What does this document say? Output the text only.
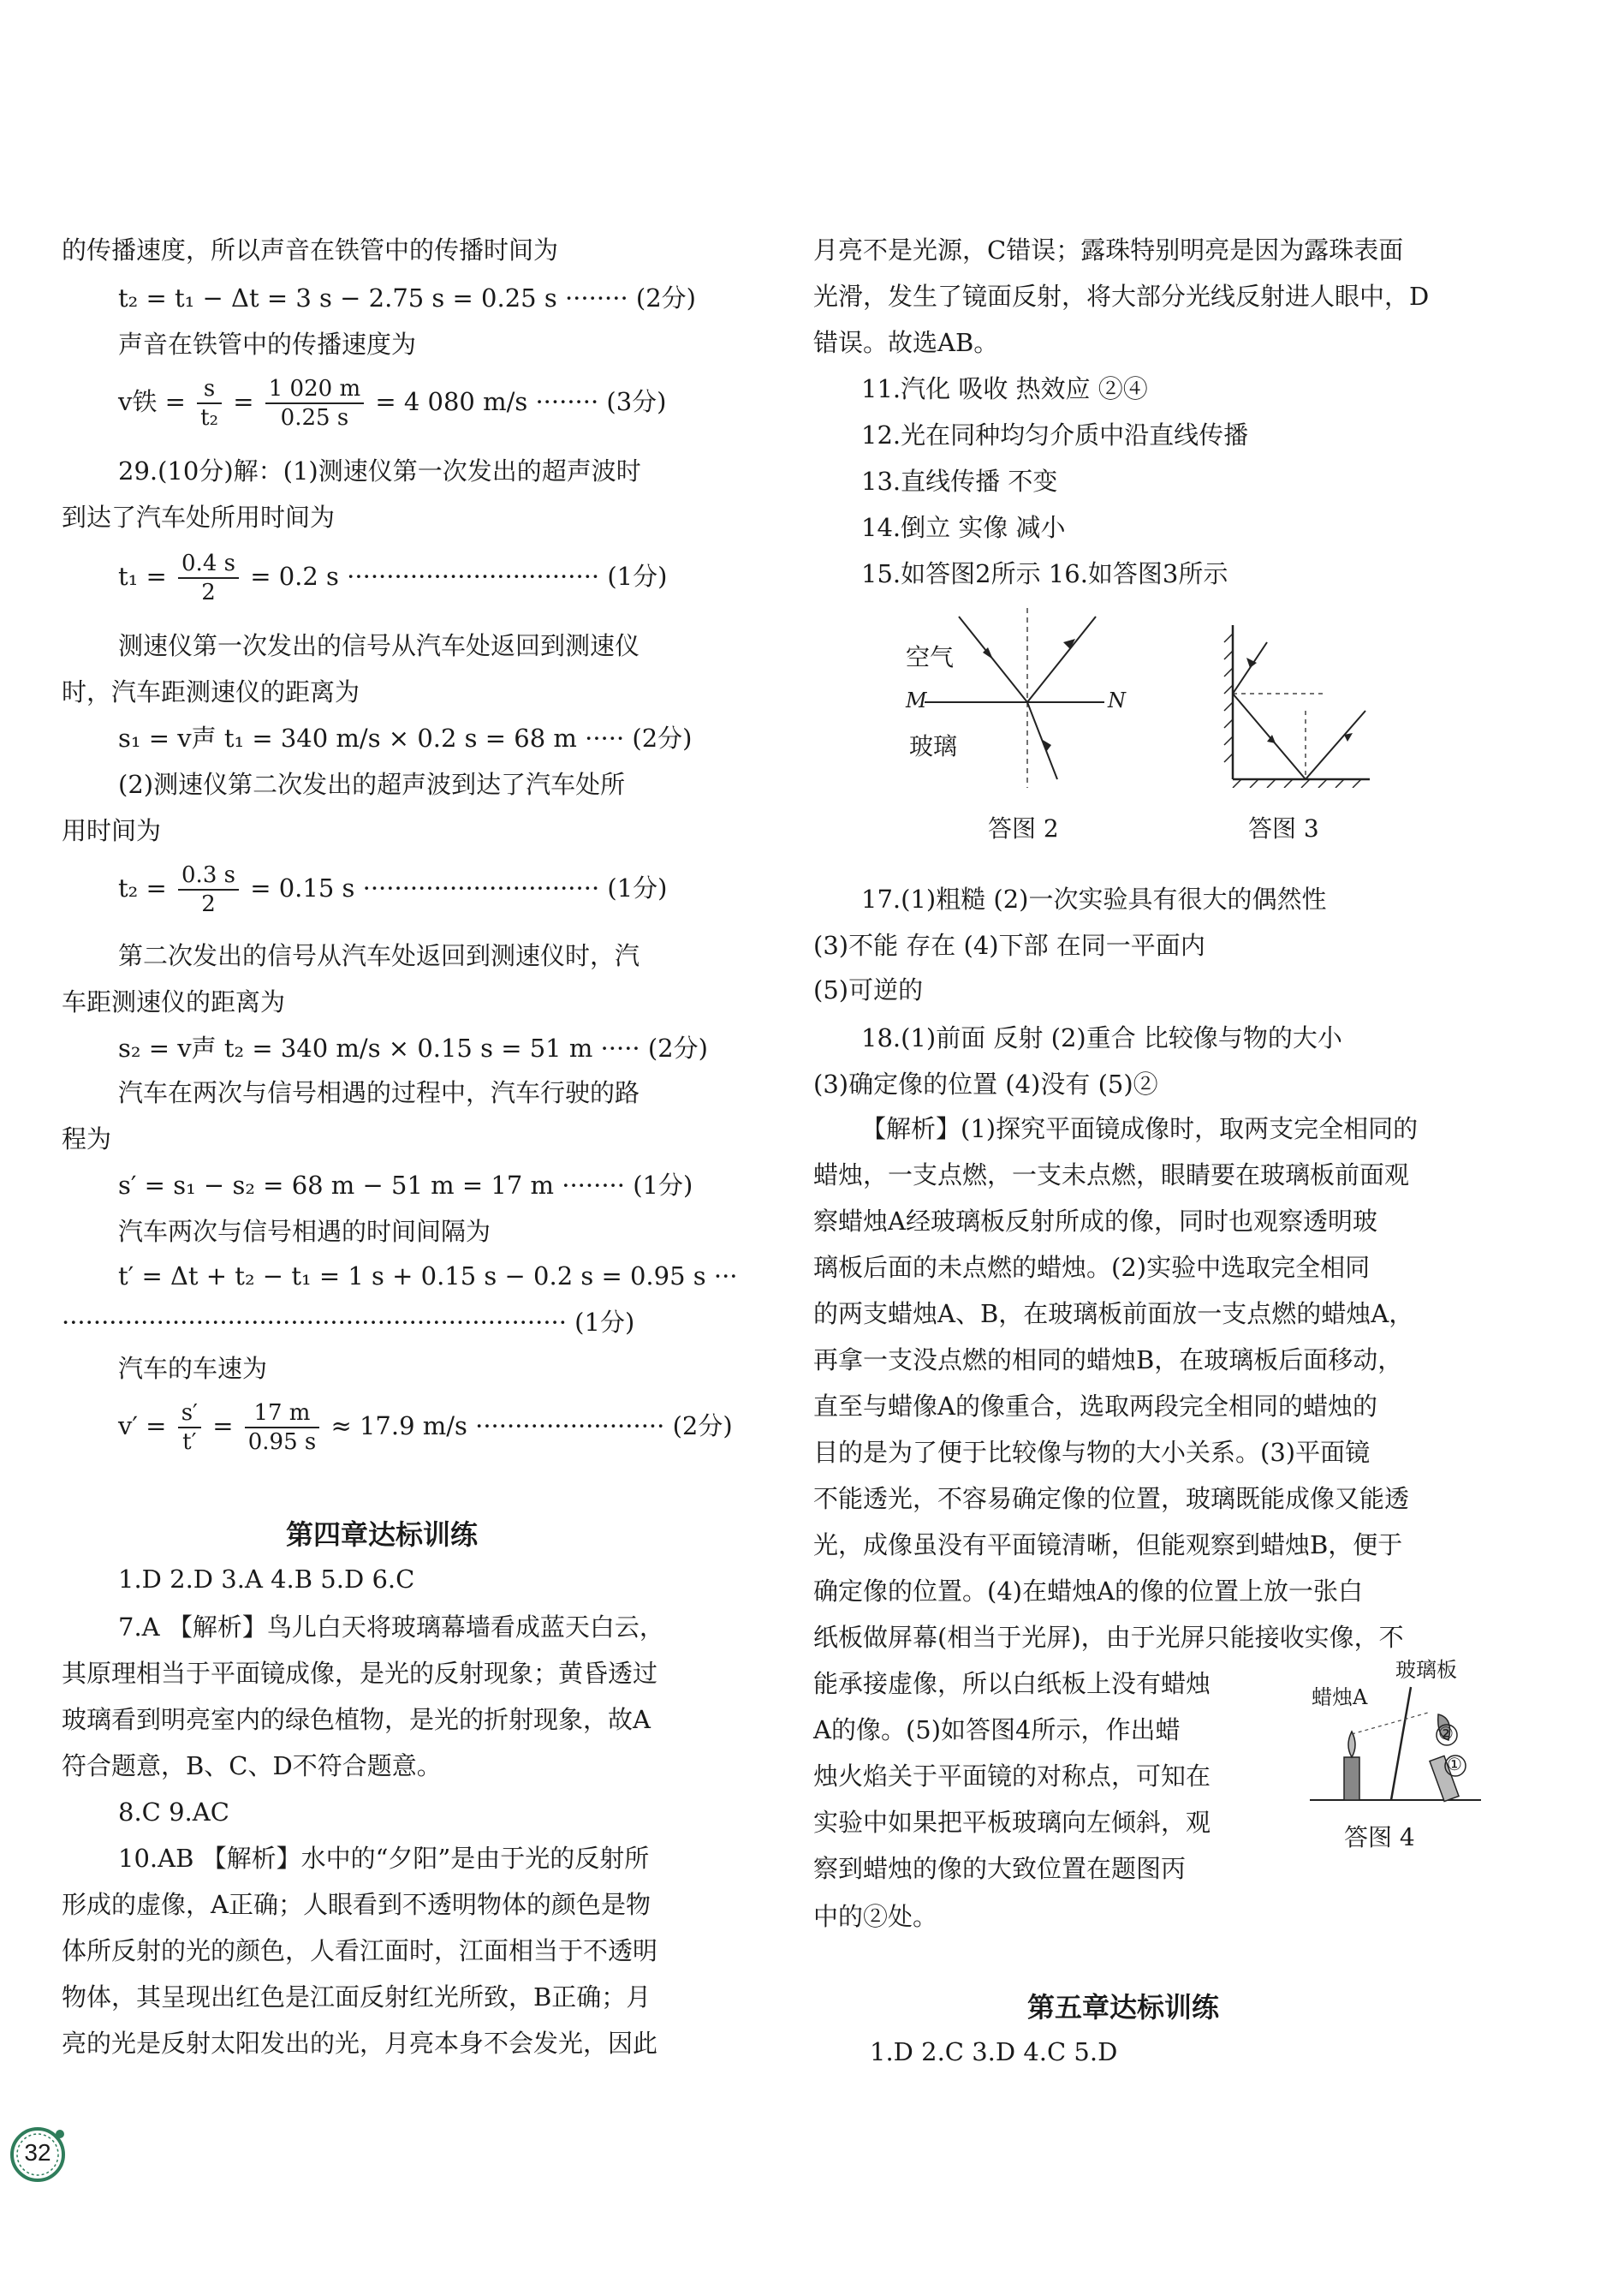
的传播速度，所以声音在铁管中的传播时间为
t₂ = t₁ − Δt = 3 s − 2.75 s = 0.25 s ········ (2分)
声音在铁管中的传播速度为
v铁 = $\frac{s}{\text{t₂}} = \frac{1 020 m}{0.25 s} = 4$ 080 m/s ········ (3分)
29.(10分)解：(1)测速仪第一次发出的超声波时
到达了汽车处所用时间为
$t_1 = \frac{0.4 s}{2} = 0.2$ s ································ (1分)
测速仪第一次发出的信号从汽车处返回到测速仪
时，汽车距测速仪的距离为
s₁ = v声 t₁ = 340 m/s × 0.2 s = 68 m ····· (2分)
(2)测速仪第二次发出的超声波到达了汽车处所
用时间为
$t_2 = \frac{0.3 s}{2} = 0.15$ s ······························ (1分)
第二次发出的信号从汽车处返回到测速仪时，汽
车距测速仪的距离为
s₂ = v声 t₂ = 340 m/s × 0.15 s = 51 m ····· (2分)
汽车在两次与信号相遇的过程中，汽车行驶的路
程为
s′ = s₁ − s₂ = 68 m − 51 m = 17 m ········ (1分)
汽车两次与信号相遇的时间间隔为
t′ = Δt + t₂ − t₁ = 1 s + 0.15 s − 0.2 s = 0.95 s ···
································································ (1分)
汽车的车速为
$v' = \frac{s'}{t'} = \frac{17 m}{0.95 s} \approx 17.9$ m/s ························ (2分)
第四章达标训练
1.D 2.D 3.A 4.B 5.D 6.C
7.A 【解析】鸟儿白天将玻璃幕墙看成蓝天白云，
其原理相当于平面镜成像，是光的反射现象；黄昏透过
玻璃看到明亮室内的绿色植物，是光的折射现象，故A
符合题意，B、C、D不符合题意。
8.C 9.AC
10.AB 【解析】水中的“夕阳”是由于光的反射所
形成的虚像，A正确；人眼看到不透明物体的颜色是物
体所反射的光的颜色，人看江面时，江面相当于不透明
物体，其呈现出红色是江面反射红光所致，B正确；月
亮的光是反射太阳发出的光，月亮本身不会发光，因此
月亮不是光源，C错误；露珠特别明亮是因为露珠表面
光滑，发生了镜面反射，将大部分光线反射进人眼中，D
错误。故选AB。
11.汽化 吸收 热效应 ②④
12.光在同种均匀介质中沿直线传播
13.直线传播 不变
14.倒立 实像 减小
15.如答图2所示 16.如答图3所示
空气
M	N
玻璃
答图 2	答图 3
17.(1)粗糙 (2)一次实验具有很大的偶然性
(3)不能 存在 (4)下部 在同一平面内
(5)可逆的
18.(1)前面 反射 (2)重合 比较像与物的大小
(3)确定像的位置 (4)没有 (5)②
【解析】(1)探究平面镜成像时，取两支完全相同的
蜡烛，一支点燃，一支未点燃，眼睛要在玻璃板前面观
察蜡烛A经玻璃板反射所成的像，同时也观察透明玻
璃板后面的未点燃的蜡烛。(2)实验中选取完全相同
的两支蜡烛A、B，在玻璃板前面放一支点燃的蜡烛A，
再拿一支没点燃的相同的蜡烛B，在玻璃板后面移动，
直至与蜡像A的像重合，选取两段完全相同的蜡烛的
目的是为了便于比较像与物的大小关系。(3)平面镜
不能透光，不容易确定像的位置，玻璃既能成像又能透
光，成像虽没有平面镜清晰，但能观察到蜡烛B，便于
确定像的位置。(4)在蜡烛A的像的位置上放一张白
纸板做屏幕(相当于光屏)，由于光屏只能接收实像，不
能承接虚像，所以白纸板上没有蜡烛
A的像。(5)如答图4所示，作出蜡
烛火焰关于平面镜的对称点，可知在
实验中如果把平板玻璃向左倾斜，观
察到蜡烛的像的大致位置在题图丙
中的②处。
玻璃板
蜡烛A
②
①
答图 4
第五章达标训练
1.D 2.C 3.D 4.C 5.D
32
